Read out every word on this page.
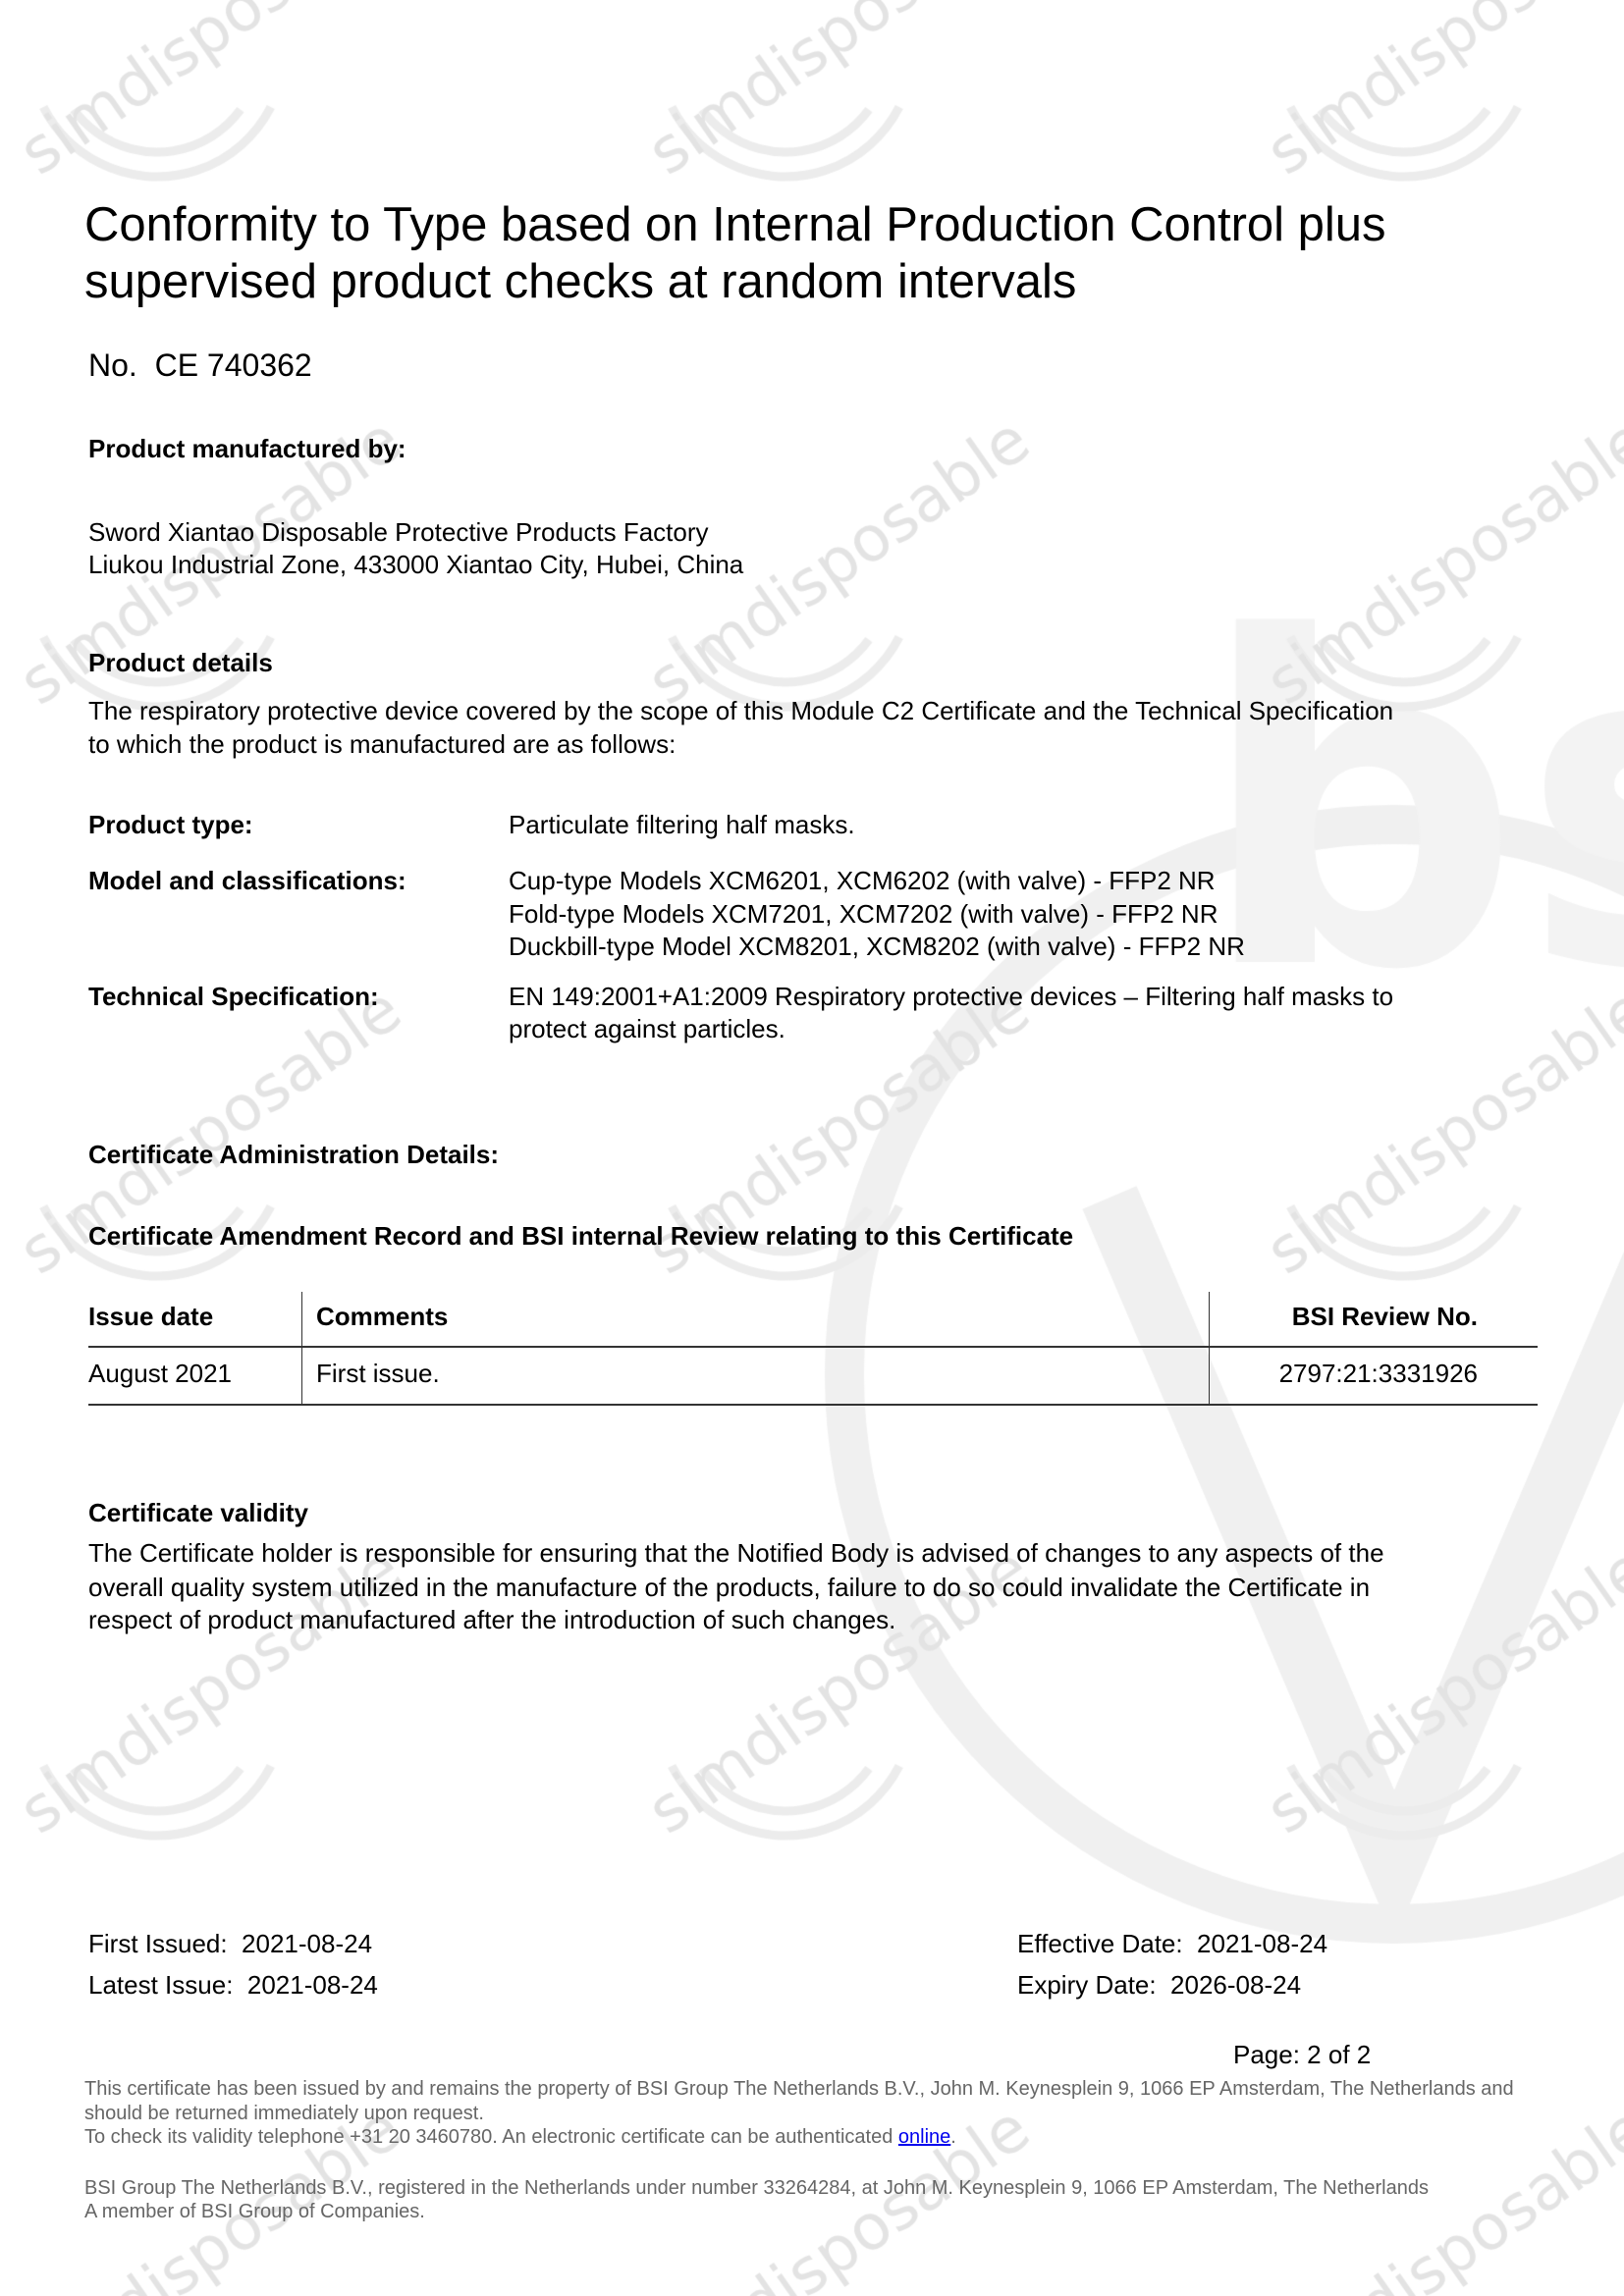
Conformity to Type based on Internal Production Control plus
supervised product checks at random intervals
No.  CE 740362
Product manufactured by:
Sword Xiantao Disposable Protective Products Factory
Liukou Industrial Zone, 433000 Xiantao City, Hubei, China
Product details
The respiratory protective device covered by the scope of this Module C2 Certificate and the Technical Specification
to which the product is manufactured are as follows:
Product type:	Particulate filtering half masks.
Model and classifications:	Cup-type Models XCM6201, XCM6202 (with valve) - FFP2 NR
Fold-type Models XCM7201, XCM7202 (with valve) - FFP2 NR
Duckbill-type Model XCM8201, XCM8202 (with valve) - FFP2 NR
Technical Specification:	EN 149:2001+A1:2009 Respiratory protective devices – Filtering half masks to
protect against particles.
Certificate Administration Details:
Certificate Amendment Record and BSI internal Review relating to this Certificate
Issue date	Comments	BSI Review No.
August 2021	First issue.	2797:21:3331926
Certificate validity
The Certificate holder is responsible for ensuring that the Notified Body is advised of changes to any aspects of the
overall quality system utilized in the manufacture of the products, failure to do so could invalidate the Certificate in
respect of product manufactured after the introduction of such changes.
First Issued:  2021-08-24
Latest Issue:  2021-08-24
Effective Date:  2021-08-24
Expiry Date:  2026-08-24
Page: 2 of 2
This certificate has been issued by and remains the property of BSI Group The Netherlands B.V., John M. Keynesplein 9, 1066 EP Amsterdam, The Netherlands and
should be returned immediately upon request.
To check its validity telephone +31 20 3460780. An electronic certificate can be authenticated online.
BSI Group The Netherlands B.V., registered in the Netherlands under number 33264284, at John M. Keynesplein 9, 1066 EP Amsterdam, The Netherlands
A member of BSI Group of Companies.
